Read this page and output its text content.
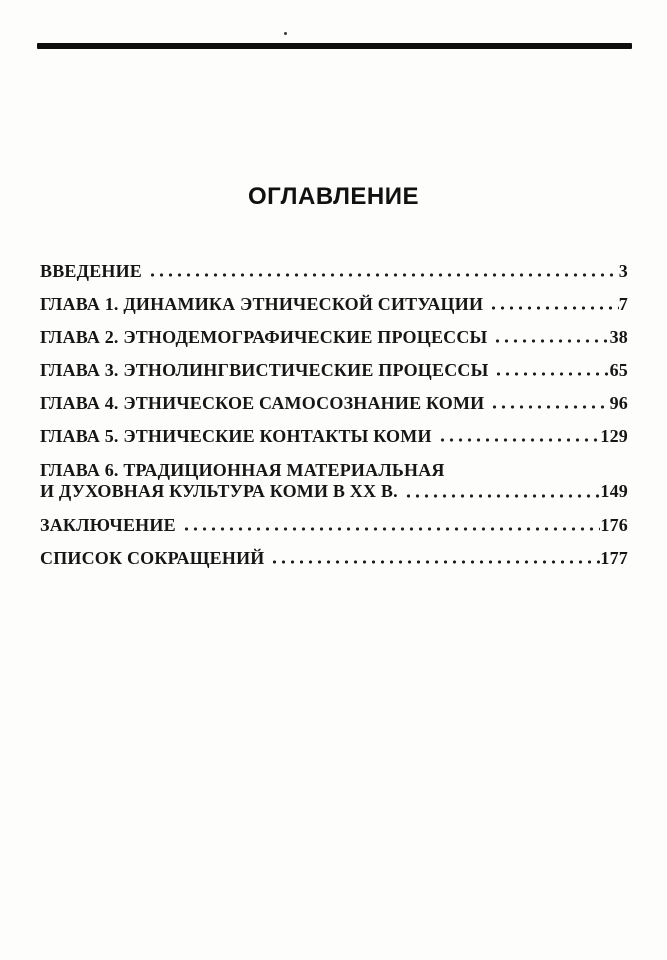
ОГЛАВЛЕНИЕ
ВВЕДЕНИЕ	3
ГЛАВА 1. ДИНАМИКА ЭТНИЧЕСКОЙ СИТУАЦИИ	7
ГЛАВА 2. ЭТНОДЕМОГРАФИЧЕСКИЕ ПРОЦЕССЫ	38
ГЛАВА 3. ЭТНОЛИНГВИСТИЧЕСКИЕ ПРОЦЕССЫ	65
ГЛАВА 4. ЭТНИЧЕСКОЕ САМОСОЗНАНИЕ КОМИ	96
ГЛАВА 5. ЭТНИЧЕСКИЕ КОНТАКТЫ КОМИ	129
ГЛАВА 6. ТРАДИЦИОННАЯ МАТЕРИАЛЬНАЯ
И ДУХОВНАЯ КУЛЬТУРА КОМИ В ХХ В.	149
ЗАКЛЮЧЕНИЕ	176
СПИСОК СОКРАЩЕНИЙ	177
